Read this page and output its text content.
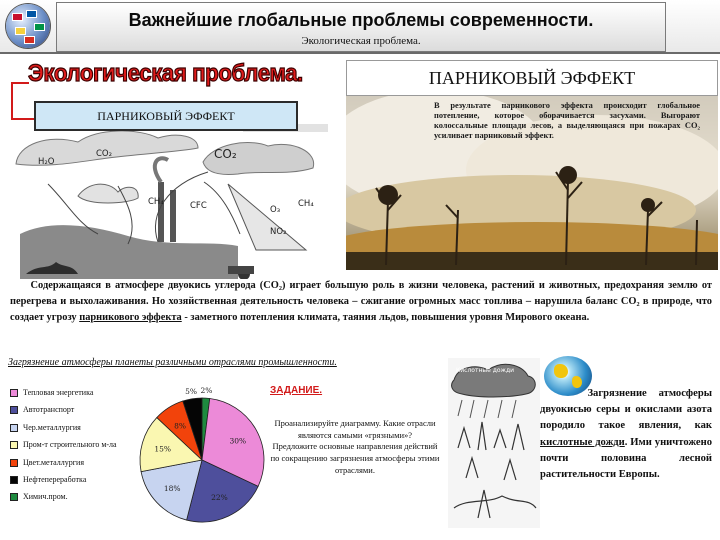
Важнейшие глобальные проблемы современности.
Экологическая проблема.
Экологическая проблема.
H₂O
CO₂	CO₂
CH₄
O₃
CFC
NO₂
СН₄
ПАРНИКОВЫЙ ЭФФЕКТ
ПАРНИКОВЫЙ ЭФФЕКТ
В результате парникового эффекта происходит глобальное потепление, которое оборачивается засухами. Выгорают колоссальные площади лесов, а выделяющаяся при пожарах CO₂ усиливает парниковый эффект.
Содержащаяся в атмосфере двуокись углерода (CO₂) играет большую роль в жизни человека, растений и животных, предохраняя землю от перегрева и выхолаживания. Но хозяйственная деятельность человека – сжигание огромных масс топлива – нарушила баланс CO₂ в природе, что создает угрозу парникового эффекта - заметного потепления климата, таяния льдов, повышения уровня Мирового океана.
Загрязнение атмосферы планеты различными отраслями промышленности.
Тепловая энергетика
Автотранспорт
Чер.металлургия
Пром-т строительного м-ла
Цвет.металлургия
Нефтепереработка
Химич.пром.
2%
30%
22%
18%
15%
8%
5%	ЗАДАНИЕ.
Проанализируйте диаграмму. Какие отрасли являются самыми «грязными»?
Предложите основные направления действий по сокращению загрязнения атмосферы этими отраслями.
Кислотные дожди
Загрязнение атмосферы двуокисью серы и окислами азота породило такое явления, как кислотные дожди. Ими уничтожено почти половина лесной растительности Европы.
